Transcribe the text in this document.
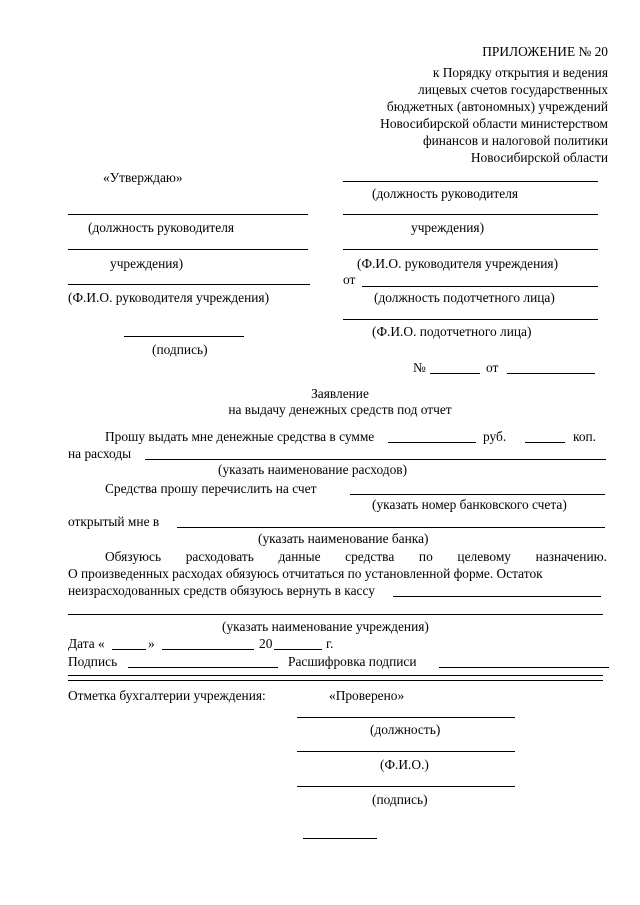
ПРИЛОЖЕНИЕ № 20
к Порядку открытия и ведения
лицевых счетов государственных
бюджетных (автономных) учреждений
Новосибирской области министерством
финансов и налоговой политики
Новосибирской области
«Утверждаю»
(должность руководителя
учреждения)
(Ф.И.О. руководителя учреждения)
(подпись)
(должность руководителя
учреждения)
(Ф.И.О. руководителя учреждения)
от
(должность подотчетного лица)
(Ф.И.О. подотчетного лица)
№	от
Заявление
на выдачу денежных средств под отчет
Прошу выдать мне денежные средства в сумме	руб.	коп.
на расходы
(указать наименование расходов)
Средства прошу перечислить на счет
(указать номер банковского счета)
открытый мне в
(указать наименование банка)
Обязуюсь расходовать данные средства по целевому назначению.
О произведенных расходах обязуюсь отчитаться по установленной форме. Остаток
неизрасходованных средств обязуюсь вернуть в кассу
(указать наименование учреждения)
Дата «	»	20	г.
Подпись	Расшифровка подписи
Отметка бухгалтерии учреждения:	«Проверено»
(должность)
(Ф.И.О.)
(подпись)
